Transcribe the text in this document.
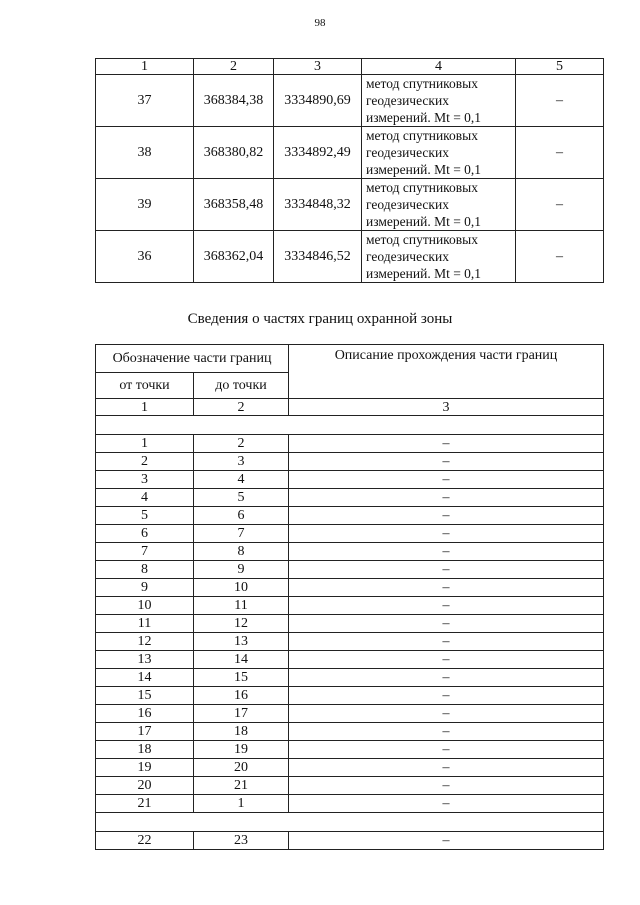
98
1	2	3	4	5
37	368384,38	3334890,69	метод спутниковых
геодезических
измерений. Mt = 0,1	–
38	368380,82	3334892,49	метод спутниковых
геодезических
измерений. Mt = 0,1	–
39	368358,48	3334848,32	метод спутниковых
геодезических
измерений. Mt = 0,1	–
36	368362,04	3334846,52	метод спутниковых
геодезических
измерений. Mt = 0,1	–
Сведения о частях границ охранной зоны
Обозначение части границ		Описание прохождения части границ
от точки	до точки	
1	2	3

1	2	–
2	3	–
3	4	–
4	5	–
5	6	–
6	7	–
7	8	–
8	9	–
9	10	–
10	11	–
11	12	–
12	13	–
13	14	–
14	15	–
15	16	–
16	17	–
17	18	–
18	19	–
19	20	–
20	21	–
21	1	–

22	23	–
